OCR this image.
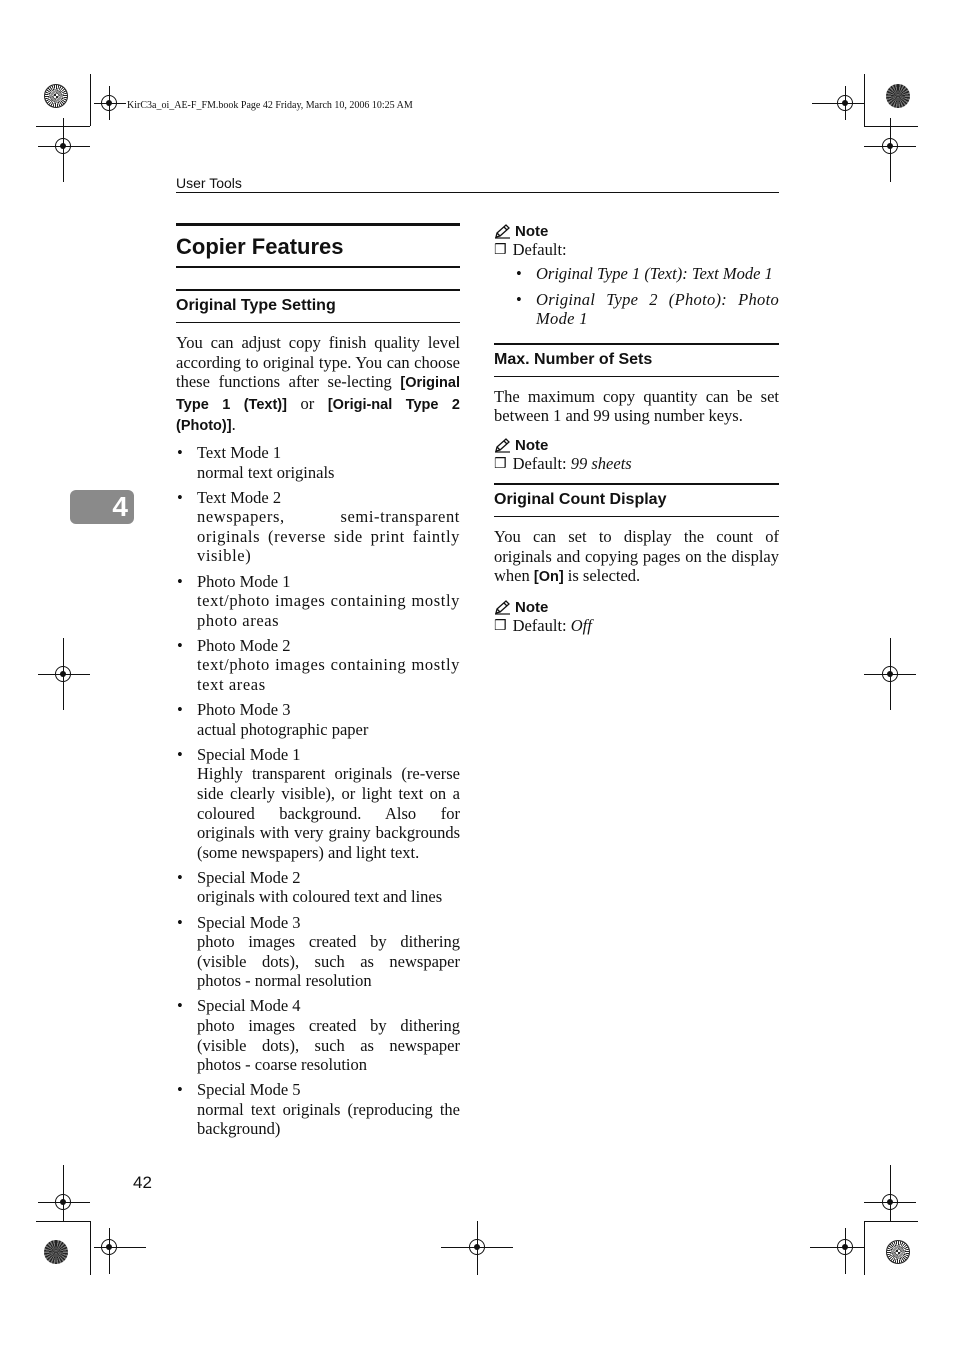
KirC3a_oi_AE-F_FM.book Page 42 Friday, March 10, 2006 10:25 AM
User Tools
4
Copier Features
Original Type Setting
You can adjust copy finish quality level according to original type. You can choose these functions after se-lecting [Original Type 1 (Text)] or [Origi-nal Type 2 (Photo)].
• Text Mode 1
normal text originals
• Text Mode 2
newspapers, semi-transparent originals (reverse side print faintly visible)
• Photo Mode 1
text/photo images containing mostly photo areas
• Photo Mode 2
text/photo images containing mostly text areas
• Photo Mode 3
actual photographic paper
• Special Mode 1
Highly transparent originals (re-verse side clearly visible), or light text on a coloured background. Also for originals with very grainy backgrounds (some newspapers) and light text.
• Special Mode 2
originals with coloured text and lines
• Special Mode 3
photo images created by dithering (visible dots), such as newspaper photos - normal resolution
• Special Mode 4
photo images created by dithering (visible dots), such as newspaper photos - coarse resolution
• Special Mode 5
normal text originals (reproducing the background)
Note
❒ Default:
• Original Type 1 (Text): Text Mode 1
• Original Type 2 (Photo): Photo Mode 1
Max. Number of Sets
The maximum copy quantity can be set between 1 and 99 using number keys.
Note
❒ Default: 99 sheets
Original Count Display
You can set to display the count of originals and copying pages on the display when [On] is selected.
Note
❒ Default: Off
42
